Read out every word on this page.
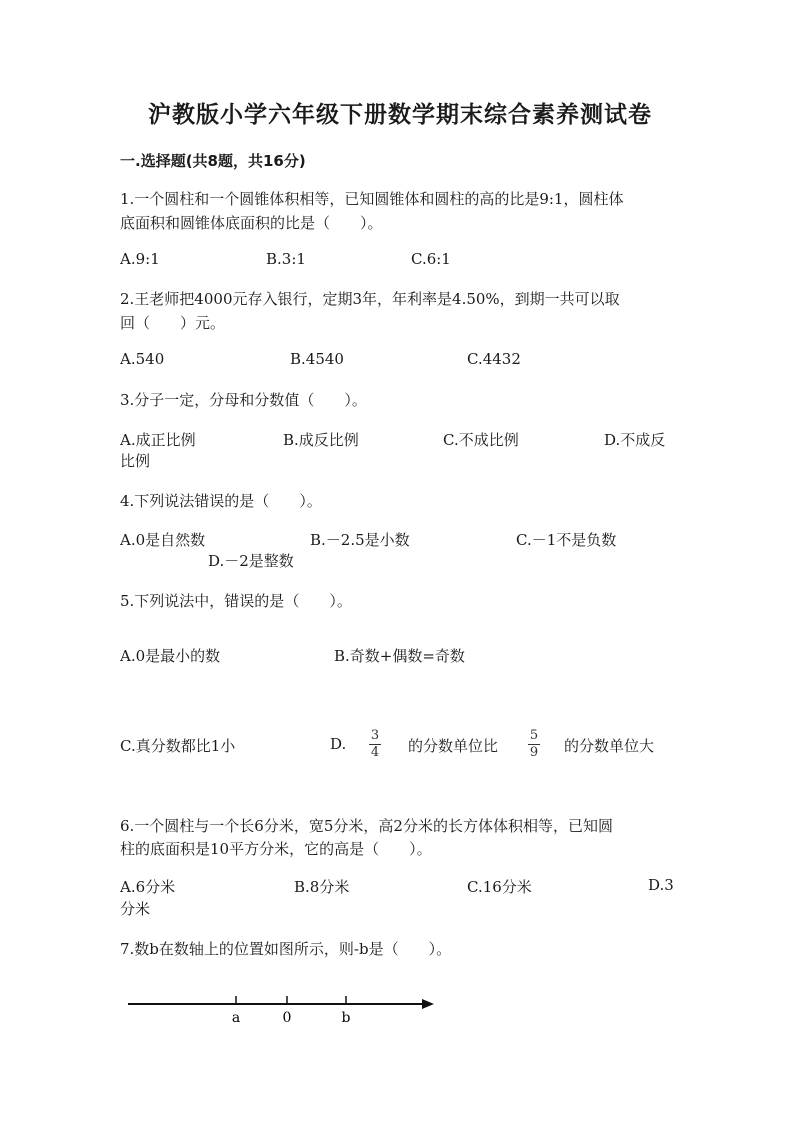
沪教版小学六年级下册数学期末综合素养测试卷
一.选择题(共8题，共16分)
1.一个圆柱和一个圆锥体积相等，已知圆锥体和圆柱的高的比是9:1，圆柱体
底面积和圆锥体底面积的比是（　　）。
A.9:1	B.3:1	C.6:1
2.王老师把4000元存入银行，定期3年，年利率是4.50%，到期一共可以取
回（　　）元。
A.540	B.4540	C.4432
3.分子一定，分母和分数值（　　）。
A.成正比例	B.成反比例	C.不成比例	D.不成反
比例
4.下列说法错误的是（　　）。
A.0是自然数	B.－2.5是小数	C.－1不是负数
D.－2是整数
5.下列说法中，错误的是（　　）。
A.0是最小的数	B.奇数+偶数=奇数
C.真分数都比1小	D. 3
4 的分数单位比
5
9 的分数单位大
6.一个圆柱与一个长6分米，宽5分米，高2分米的长方体体积相等，已知圆
柱的底面积是10平方分米，它的高是（　　）。
A.6分米	B.8分米	C.16分米	D.3
分米
7.数b在数轴上的位置如图所示，则-b是（　　）。
a	0	b
